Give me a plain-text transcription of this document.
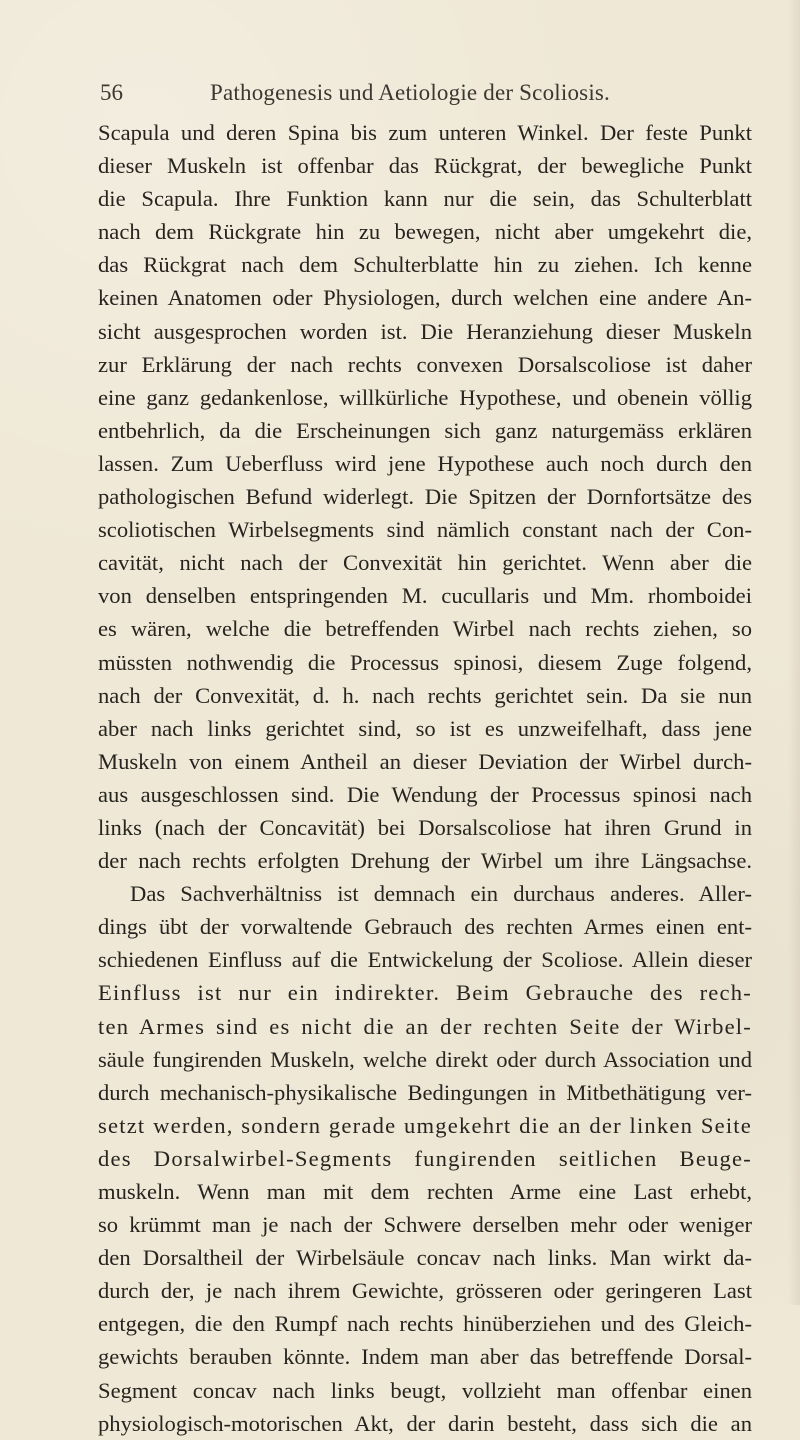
56	Pathogenesis und Aetiologie der Scoliosis.
Scapula und deren Spina bis zum unteren Winkel. Der feste Punkt
dieser Muskeln ist offenbar das Rückgrat, der bewegliche Punkt
die Scapula. Ihre Funktion kann nur die sein, das Schulterblatt
nach dem Rückgrate hin zu bewegen, nicht aber umgekehrt die,
das Rückgrat nach dem Schulterblatte hin zu ziehen. Ich kenne
keinen Anatomen oder Physiologen, durch welchen eine andere An-
sicht ausgesprochen worden ist. Die Heranziehung dieser Muskeln
zur Erklärung der nach rechts convexen Dorsalscoliose ist daher
eine ganz gedankenlose, willkürliche Hypothese, und obenein völlig
entbehrlich, da die Erscheinungen sich ganz naturgemäss erklären
lassen. Zum Ueberfluss wird jene Hypothese auch noch durch den
pathologischen Befund widerlegt. Die Spitzen der Dornfortsätze des
scoliotischen Wirbelsegments sind nämlich constant nach der Con-
cavität, nicht nach der Convexität hin gerichtet. Wenn aber die
von denselben entspringenden M. cucullaris und Mm. rhomboidei
es wären, welche die betreffenden Wirbel nach rechts ziehen, so
müssten nothwendig die Processus spinosi, diesem Zuge folgend,
nach der Convexität, d. h. nach rechts gerichtet sein. Da sie nun
aber nach links gerichtet sind, so ist es unzweifelhaft, dass jene
Muskeln von einem Antheil an dieser Deviation der Wirbel durch-
aus ausgeschlossen sind. Die Wendung der Processus spinosi nach
links (nach der Concavität) bei Dorsalscoliose hat ihren Grund in
der nach rechts erfolgten Drehung der Wirbel um ihre Längsachse.
Das Sachverhältniss ist demnach ein durchaus anderes. Aller-
dings übt der vorwaltende Gebrauch des rechten Armes einen ent-
schiedenen Einfluss auf die Entwickelung der Scoliose. Allein dieser
Einfluss ist nur ein indirekter. Beim Gebrauche des rech-
ten Armes sind es nicht die an der rechten Seite der Wirbel-
säule fungirenden Muskeln, welche direkt oder durch Association und
durch mechanisch-physikalische Bedingungen in Mitbethätigung ver-
setzt werden, sondern gerade umgekehrt die an der linken Seite
des Dorsalwirbel-Segments fungirenden seitlichen Beuge-
muskeln. Wenn man mit dem rechten Arme eine Last erhebt,
so krümmt man je nach der Schwere derselben mehr oder weniger
den Dorsaltheil der Wirbelsäule concav nach links. Man wirkt da-
durch der, je nach ihrem Gewichte, grösseren oder geringeren Last
entgegen, die den Rumpf nach rechts hinüberziehen und des Gleich-
gewichts berauben könnte. Indem man aber das betreffende Dorsal-
Segment concav nach links beugt, vollzieht man offenbar einen
physiologisch-motorischen Akt, der darin besteht, dass sich die an
